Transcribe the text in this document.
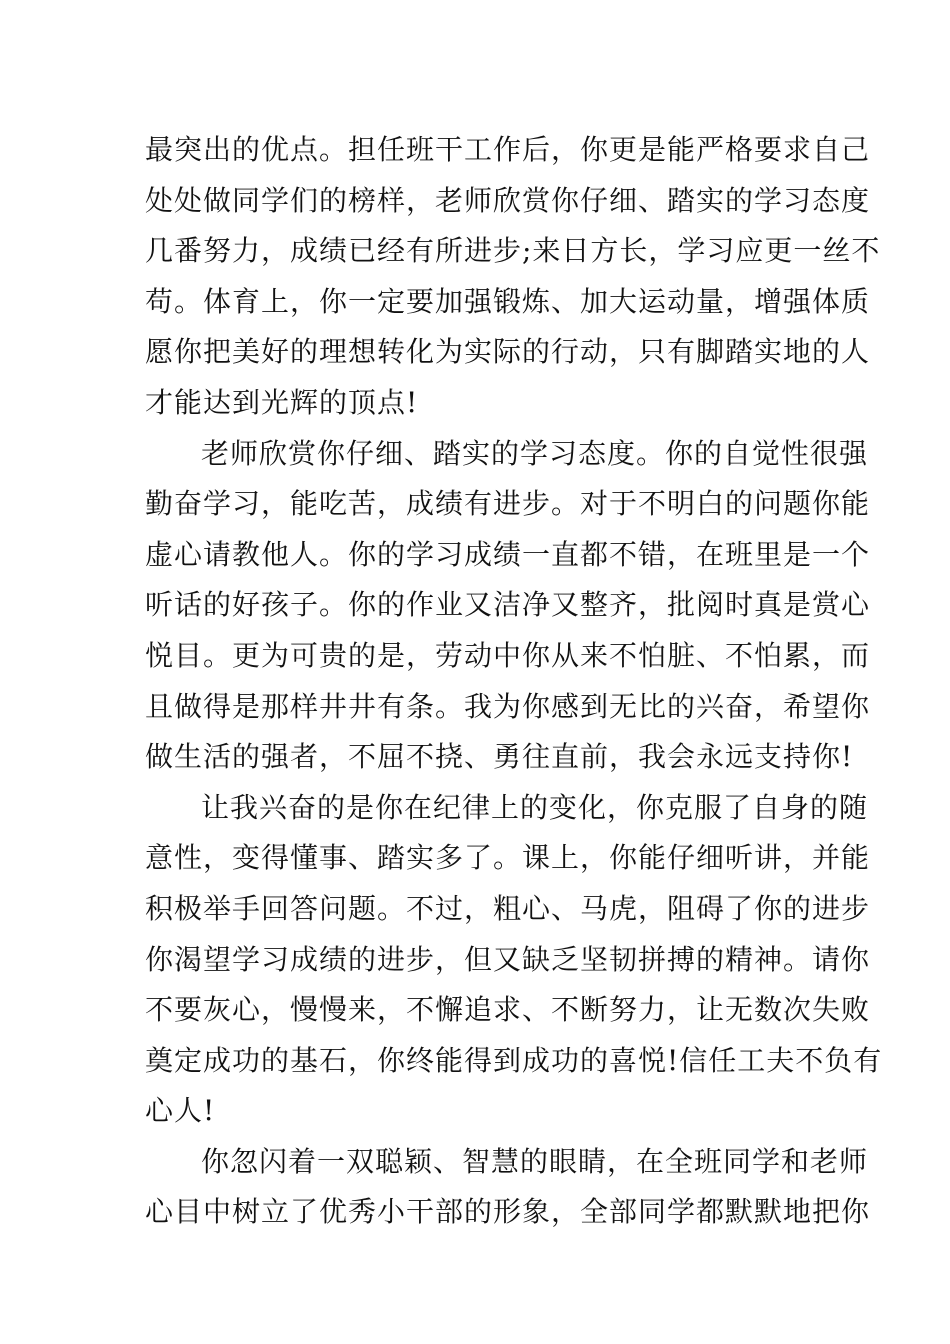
最突出的优点。担任班干工作后，你更是能严格要求自己
处处做同学们的榜样，老师欣赏你仔细、踏实的学习态度
几番努力，成绩已经有所进步;来日方长，学习应更一丝不
苟。体育上，你一定要加强锻炼、加大运动量，增强体质
愿你把美好的理想转化为实际的行动，只有脚踏实地的人
才能达到光辉的顶点!
老师欣赏你仔细、踏实的学习态度。你的自觉性很强
勤奋学习，能吃苦，成绩有进步。对于不明白的问题你能
虚心请教他人。你的学习成绩一直都不错，在班里是一个
听话的好孩子。你的作业又洁净又整齐，批阅时真是赏心
悦目。更为可贵的是，劳动中你从来不怕脏、不怕累，而
且做得是那样井井有条。我为你感到无比的兴奋，希望你
做生活的强者，不屈不挠、勇往直前，我会永远支持你!
让我兴奋的是你在纪律上的变化，你克服了自身的随
意性，变得懂事、踏实多了。课上，你能仔细听讲，并能
积极举手回答问题。不过，粗心、马虎，阻碍了你的进步
你渴望学习成绩的进步，但又缺乏坚韧拼搏的精神。请你
不要灰心，慢慢来，不懈追求、不断努力，让无数次失败
奠定成功的基石，你终能得到成功的喜悦!信任工夫不负有
心人!
你忽闪着一双聪颖、智慧的眼睛，在全班同学和老师
心目中树立了优秀小干部的形象，全部同学都默默地把你
